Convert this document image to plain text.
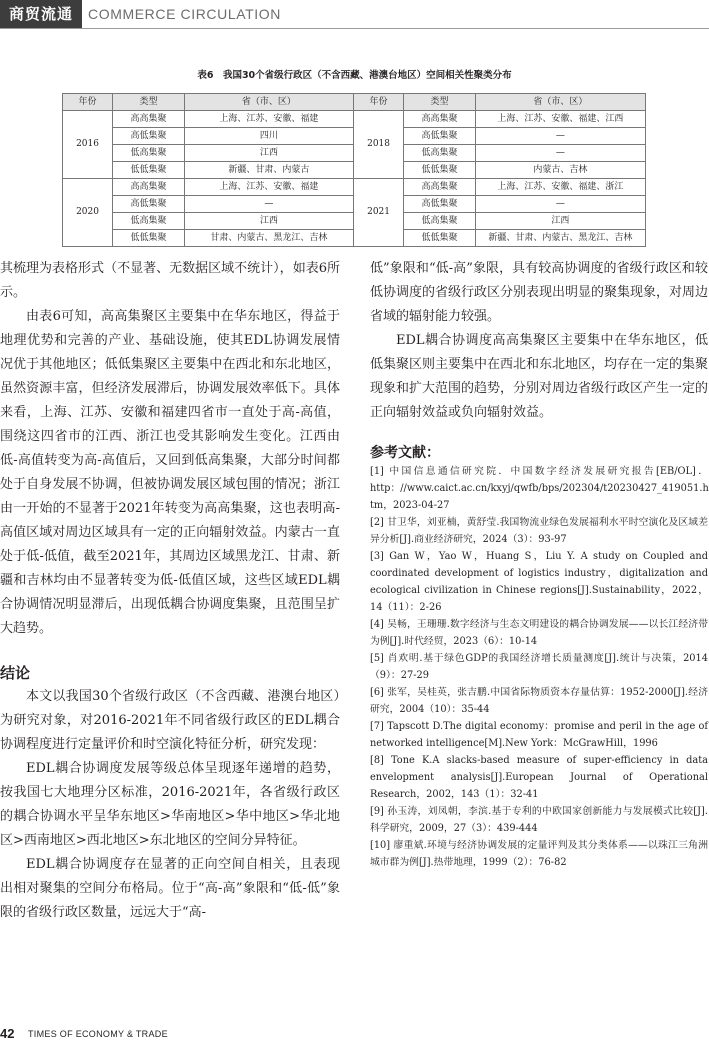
商贸流通	COMMERCE CIRCULATION
表6　我国30个省级行政区（不含西藏、港澳台地区）空间相关性聚类分布
年份	类型	省（市、区）	年份	类型	省（市、区）
2016	高高集聚	上海、江苏、安徽、福建	2018	高高集聚	上海、江苏、安徽、福建、江西
	高低集聚	四川		高低集聚	—
	低高集聚	江西		低高集聚	—
	低低集聚	新疆、甘肃、内蒙古		低低集聚	内蒙古、吉林
2020	高高集聚	上海、江苏、安徽、福建	2021	高高集聚	上海、江苏、安徽、福建、浙江
	高低集聚	—		高低集聚	—
	低高集聚	江西		低高集聚	江西
	低低集聚	甘肃、内蒙古、黑龙江、吉林		低低集聚	新疆、甘肃、内蒙古、黑龙江、吉林

其梳理为表格形式（不显著、无数据区域不统计），如表6所示。

由表6可知，高高集聚区主要集中在华东地区，得益于地理优势和完善的产业、基础设施，使其EDL协调发展情况优于其他地区；低低集聚区主要集中在西北和东北地区，虽然资源丰富，但经济发展滞后，协调发展效率低下。具体来看，上海、江苏、安徽和福建四省市一直处于高-高值，围绕这四省市的江西、浙江也受其影响发生变化。江西由低-高值转变为高-高值后，又回到低高集聚，大部分时间都处于自身发展不协调，但被协调发展区域包围的情况；浙江由一开始的不显著于2021年转变为高高集聚，这也表明高-高值区域对周边区域具有一定的正向辐射效益。内蒙古一直处于低-低值，截至2021年，其周边区域黑龙江、甘肃、新疆和吉林均由不显著转变为低-低值区域，这些区域EDL耦合协调情况明显滞后，出现低耦合协调度集聚，且范围呈扩大趋势。

结论

本文以我国30个省级行政区（不含西藏、港澳台地区）为研究对象，对2016-2021年不同省级行政区的EDL耦合协调程度进行定量评价和时空演化特征分析，研究发现：

EDL耦合协调度发展等级总体呈现逐年递增的趋势，按我国七大地理分区标准，2016-2021年，各省级行政区的耦合协调水平呈华东地区>华南地区>华中地区>华北地区>西南地区>西北地区>东北地区的空间分异特征。

EDL耦合协调度存在显著的正向空间自相关，且表现出相对聚集的空间分布格局。位于“高-高”象限和“低-低”象限的省级行政区数量，远远大于“高-

低”象限和“低-高”象限，具有较高协调度的省级行政区和较低协调度的省级行政区分别表现出明显的聚集现象，对周边省域的辐射能力较强。

EDL耦合协调度高高集聚区主要集中在华东地区，低低集聚区则主要集中在西北和东北地区，均存在一定的集聚现象和扩大范围的趋势，分别对周边省级行政区产生一定的正向辐射效益或负向辐射效益。

参考文献：

[1] 中国信息通信研究院．中国数字经济发展研究报告[EB/OL]．http：//www.caict.ac.cn/kxyj/qwfb/bps/202304/t20230427_419051.h tm，2023-04-27

[2] 甘卫华，刘亚楠，黄舒莹.我国物流业绿色发展福利水平时空演化及区域差异分析[J].商业经济研究，2024（3）：93-97

[3] Gan W，Yao W，Huang S，Liu Y. A study on Coupled and coordinated development of logistics industry，digitalization and ecological civilization in Chinese regions[J].Sustainability，2022，14（11）：2-26

[4] 吴畅，王珊珊.数字经济与生态文明建设的耦合协调发展——以长江经济带为例[J].时代经贸，2023（6）：10-14

[5] 肖欢明.基于绿色GDP的我国经济增长质量测度[J].统计与决策，2014（9）：27-29

[6] 张军，吴桂英，张吉鹏.中国省际物质资本存量估算：1952-2000[J].经济研究，2004（10）：35-44

[7] Tapscott D.The digital economy：promise and peril in the age of networked intelligence[M].New York：McGrawHill，1996

[8] Tone K.A slacks-based measure of super-efficiency in data envelopment analysis[J].European Journal of Operational Research，2002，143（1）：32-41

[9] 孙玉涛，刘凤朝，李滨.基于专利的中欧国家创新能力与发展模式比较[J].科学研究，2009，27（3）：439-444

[10] 廖重斌.环境与经济协调发展的定量评判及其分类体系——以珠江三角洲城市群为例[J].热带地理，1999（2）：76-82

42 TIMES OF ECONOMY & TRADE
